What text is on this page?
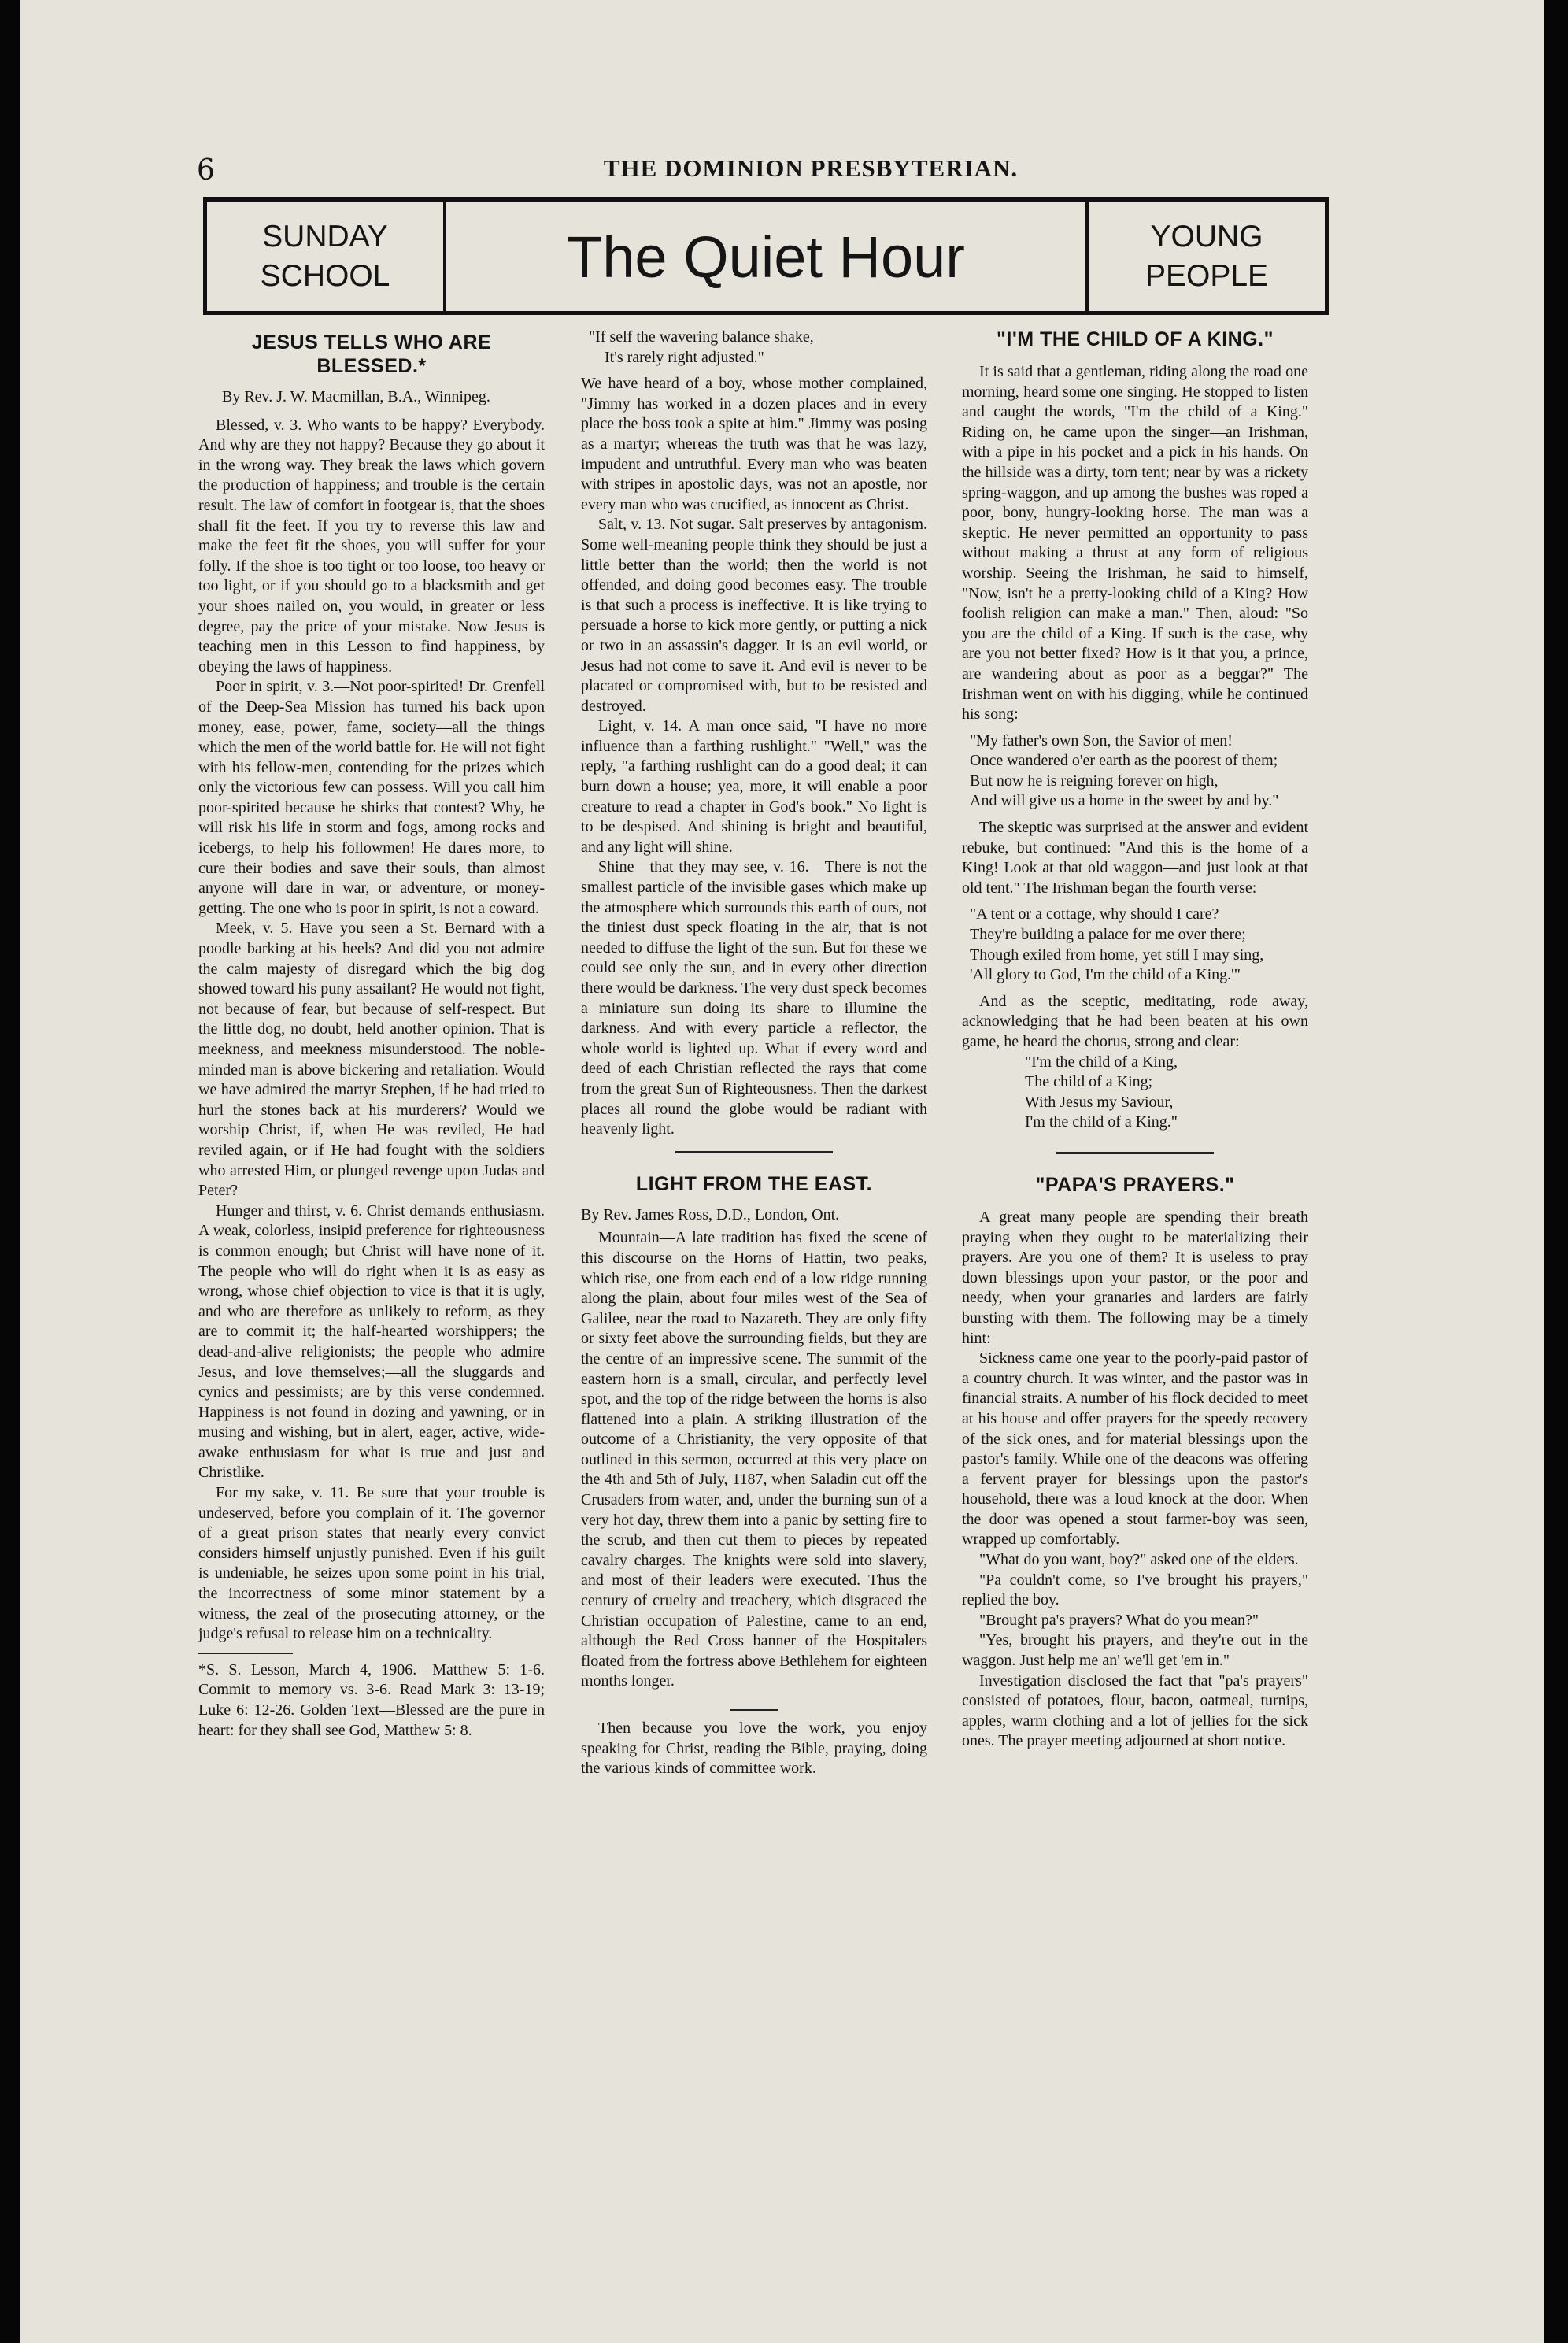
6	THE DOMINION PRESBYTERIAN.
SUNDAY
SCHOOL	The Quiet Hour	YOUNG
PEOPLE
JESUS TELLS WHO ARE BLESSED.*

By Rev. J. W. Macmillan, B.A., Winnipeg.

Blessed, v. 3. Who wants to be happy? Everybody. And why are they not happy? Because they go about it in the wrong way. They break the laws which govern the production of happiness; and trouble is the certain result. The law of comfort in footgear is, that the shoes shall fit the feet. If you try to reverse this law and make the feet fit the shoes, you will suffer for your folly. If the shoe is too tight or too loose, too heavy or too light, or if you should go to a blacksmith and get your shoes nailed on, you would, in greater or less degree, pay the price of your mistake. Now Jesus is teaching men in this Lesson to find happiness, by obeying the laws of happiness.

Poor in spirit, v. 3.—Not poor-spirited! Dr. Grenfell of the Deep-Sea Mission has turned his back upon money, ease, power, fame, society—all the things which the men of the world battle for. He will not fight with his fellow-men, contending for the prizes which only the victorious few can possess. Will you call him poor-spirited because he shirks that contest? Why, he will risk his life in storm and fogs, among rocks and icebergs, to help his followmen! He dares more, to cure their bodies and save their souls, than almost anyone will dare in war, or adventure, or money-getting. The one who is poor in spirit, is not a coward.

Meek, v. 5. Have you seen a St. Bernard with a poodle barking at his heels? And did you not admire the calm majesty of disregard which the big dog showed toward his puny assailant? He would not fight, not because of fear, but because of self-respect. But the little dog, no doubt, held another opinion. That is meekness, and meekness misunderstood. The noble-minded man is above bickering and retaliation. Would we have admired the martyr Stephen, if he had tried to hurl the stones back at his murderers? Would we worship Christ, if, when He was reviled, He had reviled again, or if He had fought with the soldiers who arrested Him, or plunged revenge upon Judas and Peter?

Hunger and thirst, v. 6. Christ demands enthusiasm. A weak, colorless, insipid preference for righteousness is common enough; but Christ will have none of it. The people who will do right when it is as easy as wrong, whose chief objection to vice is that it is ugly, and who are therefore as unlikely to reform, as they are to commit it; the half-hearted worshippers; the dead-and-alive religionists; the people who admire Jesus, and love themselves;—all the sluggards and cynics and pessimists; are by this verse condemned. Happiness is not found in dozing and yawning, or in musing and wishing, but in alert, eager, active, wide-awake enthusiasm for what is true and just and Christlike.

For my sake, v. 11. Be sure that your trouble is undeserved, before you complain of it. The governor of a great prison states that nearly every convict considers himself unjustly punished. Even if his guilt is undeniable, he seizes upon some point in his trial, the incorrectness of some minor statement by a witness, the zeal of the prosecuting attorney, or the judge's refusal to release him on a technicality.

*S. S. Lesson, March 4, 1906.—Matthew 5: 1-6. Commit to memory vs. 3-6. Read Mark 3: 13-19; Luke 6: 12-26. Golden Text—Blessed are the pure in heart: for they shall see God, Matthew 5: 8.

"If self the wavering balance shake,
It's rarely right adjusted."

We have heard of a boy, whose mother complained, "Jimmy has worked in a dozen places and in every place the boss took a spite at him." Jimmy was posing as a martyr; whereas the truth was that he was lazy, impudent and untruthful. Every man who was beaten with stripes in apostolic days, was not an apostle, nor every man who was crucified, as innocent as Christ.

Salt, v. 13. Not sugar. Salt preserves by antagonism. Some well-meaning people think they should be just a little better than the world; then the world is not offended, and doing good becomes easy. The trouble is that such a process is ineffective. It is like trying to persuade a horse to kick more gently, or putting a nick or two in an assassin's dagger. It is an evil world, or Jesus had not come to save it. And evil is never to be placated or compromised with, but to be resisted and destroyed.

Light, v. 14. A man once said, "I have no more influence than a farthing rushlight." "Well," was the reply, "a farthing rushlight can do a good deal; it can burn down a house; yea, more, it will enable a poor creature to read a chapter in God's book." No light is to be despised. And shining is bright and beautiful, and any light will shine.

Shine—that they may see, v. 16.—There is not the smallest particle of the invisible gases which make up the atmosphere which surrounds this earth of ours, not the tiniest dust speck floating in the air, that is not needed to diffuse the light of the sun. But for these we could see only the sun, and in every other direction there would be darkness. The very dust speck becomes a miniature sun doing its share to illumine the darkness. And with every particle a reflector, the whole world is lighted up. What if every word and deed of each Christian reflected the rays that come from the great Sun of Righteousness. Then the darkest places all round the globe would be radiant with heavenly light.

LIGHT FROM THE EAST.

By Rev. James Ross, D.D., London, Ont.

Mountain—A late tradition has fixed the scene of this discourse on the Horns of Hattin, two peaks, which rise, one from each end of a low ridge running along the plain, about four miles west of the Sea of Galilee, near the road to Nazareth. They are only fifty or sixty feet above the surrounding fields, but they are the centre of an impressive scene. The summit of the eastern horn is a small, circular, and perfectly level spot, and the top of the ridge between the horns is also flattened into a plain. A striking illustration of the outcome of a Christianity, the very opposite of that outlined in this sermon, occurred at this very place on the 4th and 5th of July, 1187, when Saladin cut off the Crusaders from water, and, under the burning sun of a very hot day, threw them into a panic by setting fire to the scrub, and then cut them to pieces by repeated cavalry charges. The knights were sold into slavery, and most of their leaders were executed. Thus the century of cruelty and treachery, which disgraced the Christian occupation of Palestine, came to an end, although the Red Cross banner of the Hospitalers floated from the fortress above Bethlehem for eighteen months longer.

Then because you love the work, you enjoy speaking for Christ, reading the Bible, praying, doing the various kinds of committee work.

"I'M THE CHILD OF A KING."

It is said that a gentleman, riding along the road one morning, heard some one singing. He stopped to listen and caught the words, "I'm the child of a King." Riding on, he came upon the singer—an Irishman, with a pipe in his pocket and a pick in his hands. On the hillside was a dirty, torn tent; near by was a rickety spring-waggon, and up among the bushes was roped a poor, bony, hungry-looking horse. The man was a skeptic. He never permitted an opportunity to pass without making a thrust at any form of religious worship. Seeing the Irishman, he said to himself, "Now, isn't he a pretty-looking child of a King? How foolish religion can make a man." Then, aloud: "So you are the child of a King. If such is the case, why are you not better fixed? How is it that you, a prince, are wandering about as poor as a beggar?" The Irishman went on with his digging, while he continued his song:

"My father's own Son, the Savior of men!
Once wandered o'er earth as the poorest of them;
But now he is reigning forever on high,
And will give us a home in the sweet by and by."

The skeptic was surprised at the answer and evident rebuke, but continued: "And this is the home of a King! Look at that old waggon—and just look at that old tent." The Irishman began the fourth verse:

"A tent or a cottage, why should I care?
They're building a palace for me over there;
Though exiled from home, yet still I may sing,
'All glory to God, I'm the child of a King.'"

And as the sceptic, meditating, rode away, acknowledging that he had been beaten at his own game, he heard the chorus, strong and clear:

"I'm the child of a King,
The child of a King;
With Jesus my Saviour,
I'm the child of a King."
"PAPA'S PRAYERS."

A great many people are spending their breath praying when they ought to be materializing their prayers. Are you one of them? It is useless to pray down blessings upon your pastor, or the poor and needy, when your granaries and larders are fairly bursting with them. The following may be a timely hint:

Sickness came one year to the poorly-paid pastor of a country church. It was winter, and the pastor was in financial straits. A number of his flock decided to meet at his house and offer prayers for the speedy recovery of the sick ones, and for material blessings upon the pastor's family. While one of the deacons was offering a fervent prayer for blessings upon the pastor's household, there was a loud knock at the door. When the door was opened a stout farmer-boy was seen, wrapped up comfortably.

"What do you want, boy?" asked one of the elders.

"Pa couldn't come, so I've brought his prayers," replied the boy.

"Brought pa's prayers? What do you mean?"

"Yes, brought his prayers, and they're out in the waggon. Just help me an' we'll get 'em in."

Investigation disclosed the fact that "pa's prayers" consisted of potatoes, flour, bacon, oatmeal, turnips, apples, warm clothing and a lot of jellies for the sick ones. The prayer meeting adjourned at short notice.
